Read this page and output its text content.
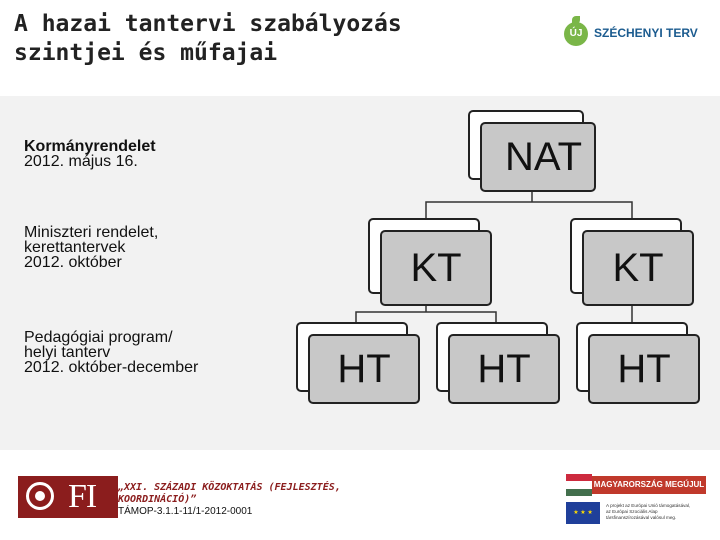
A hazai tantervi szabályozás
szintjei és műfajai
ÚJ SZÉCHENYI TERV
Kormányrendelet
2012. május 16.
Miniszteri rendelet,
kerettantervek
2012. október
Pedagógiai program/
helyi tanterv
2012. október-december
NAT
KT	KT
HT	HT	HT
FI „XXI. SZÁZADI KÖZOKTATÁS (FEJLESZTÉS,
KOORDINÁCIÓ)”
TÁMOP-3.1.1-11/1-2012-0001
MAGYARORSZÁG MEGÚJUL
★ ★ ★
A projekt az Európai Unió támogatásával,
az Európai Szociális Alap
társfinanszírozásával valósul meg.
